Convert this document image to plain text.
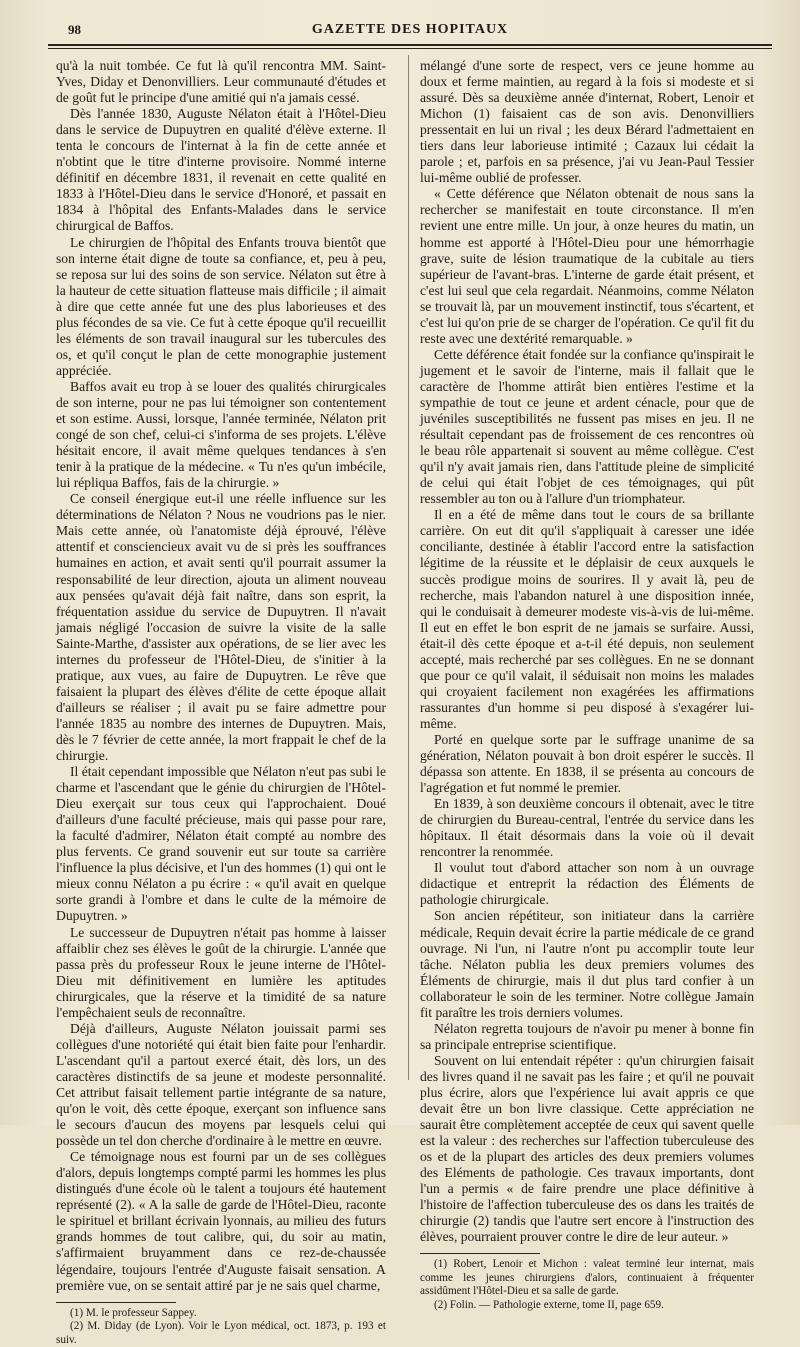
98	GAZETTE DES HOPITAUX

qu'à la nuit tombée. Ce fut là qu'il rencontra MM. Saint-Yves, Diday et Denonvilliers. Leur communauté d'études et de goût fut le principe d'une amitié qui n'a jamais cessé.

Dès l'année 1830, Auguste Nélaton était à l'Hôtel-Dieu dans le service de Dupuytren en qualité d'élève externe. Il tenta le concours de l'internat à la fin de cette année et n'obtint que le titre d'interne provisoire. Nommé interne définitif en décembre 1831, il revenait en cette qualité en 1833 à l'Hôtel-Dieu dans le service d'Honoré, et passait en 1834 à l'hôpital des Enfants-Malades dans le service chirurgical de Baffos.

Le chirurgien de l'hôpital des Enfants trouva bientôt que son interne était digne de toute sa confiance, et, peu à peu, se reposa sur lui des soins de son service. Nélaton sut être à la hauteur de cette situation flatteuse mais difficile ; il aimait à dire que cette année fut une des plus laborieuses et des plus fécondes de sa vie. Ce fut à cette époque qu'il recueillit les éléments de son travail inaugural sur les tubercules des os, et qu'il conçut le plan de cette monographie justement appréciée.

Baffos avait eu trop à se louer des qualités chirurgicales de son interne, pour ne pas lui témoigner son contentement et son estime. Aussi, lorsque, l'année terminée, Nélaton prit congé de son chef, celui-ci s'informa de ses projets. L'élève hésitait encore, il avait même quelques tendances à s'en tenir à la pratique de la médecine. « Tu n'es qu'un imbécile, lui répliqua Baffos, fais de la chirurgie. »

Ce conseil énergique eut-il une réelle influence sur les déterminations de Nélaton ? Nous ne voudrions pas le nier. Mais cette année, où l'anatomiste déjà éprouvé, l'élève attentif et consciencieux avait vu de si près les souffrances humaines en action, et avait senti qu'il pourrait assumer la responsabilité de leur direction, ajouta un aliment nouveau aux pensées qu'avait déjà fait naître, dans son esprit, la fréquentation assidue du service de Dupuytren. Il n'avait jamais négligé l'occasion de suivre la visite de la salle Sainte-Marthe, d'assister aux opérations, de se lier avec les internes du professeur de l'Hôtel-Dieu, de s'initier à la pratique, aux vues, au faire de Dupuytren. Le rêve que faisaient la plupart des élèves d'élite de cette époque allait d'ailleurs se réaliser ; il avait pu se faire admettre pour l'année 1835 au nombre des internes de Dupuytren. Mais, dès le 7 février de cette année, la mort frappait le chef de la chirurgie.

Il était cependant impossible que Nélaton n'eut pas subi le charme et l'ascendant que le génie du chirurgien de l'Hôtel-Dieu exerçait sur tous ceux qui l'approchaient. Doué d'ailleurs d'une faculté précieuse, mais qui passe pour rare, la faculté d'admirer, Nélaton était compté au nombre des plus fervents. Ce grand souvenir eut sur toute sa carrière l'influence la plus décisive, et l'un des hommes (1) qui ont le mieux connu Nélaton a pu écrire : « qu'il avait en quelque sorte grandi à l'ombre et dans le culte de la mémoire de Dupuytren. »

Le successeur de Dupuytren n'était pas homme à laisser affaiblir chez ses élèves le goût de la chirurgie. L'année que passa près du professeur Roux le jeune interne de l'Hôtel-Dieu mit définitivement en lumière les aptitudes chirurgicales, que la réserve et la timidité de sa nature l'empêchaient seuls de reconnaître.

Déjà d'ailleurs, Auguste Nélaton jouissait parmi ses collègues d'une notoriété qui était bien faite pour l'enhardir. L'ascendant qu'il a partout exercé était, dès lors, un des caractères distinctifs de sa jeune et modeste personnalité. Cet attribut faisait tellement partie intégrante de sa nature, qu'on le voit, dès cette époque, exerçant son influence sans le secours d'aucun des moyens par lesquels celui qui possède un tel don cherche d'ordinaire à le mettre en œuvre.

Ce témoignage nous est fourni par un de ses collègues d'alors, depuis longtemps compté parmi les hommes les plus distingués d'une école où le talent a toujours été hautement représenté (2). « A la salle de garde de l'Hôtel-Dieu, raconte le spirituel et brillant écrivain lyonnais, au milieu des futurs grands hommes de tout calibre, qui, du soir au matin, s'affirmaient bruyamment dans ce rez-de-chaussée légendaire, toujours l'entrée d'Auguste faisait sensation. A première vue, on se sentait attiré par je ne sais quel charme,

(1) M. le professeur Sappey.

(2) M. Diday (de Lyon). Voir le Lyon médical, oct. 1873, p. 193 et suiv.

mélangé d'une sorte de respect, vers ce jeune homme au doux et ferme maintien, au regard à la fois si modeste et si assuré. Dès sa deuxième année d'internat, Robert, Lenoir et Michon (1) faisaient cas de son avis. Denonvilliers pressentait en lui un rival ; les deux Bérard l'admettaient en tiers dans leur laborieuse intimité ; Cazaux lui cédait la parole ; et, parfois en sa présence, j'ai vu Jean-Paul Tessier lui-même oublié de professer.

« Cette déférence que Nélaton obtenait de nous sans la rechercher se manifestait en toute circonstance. Il m'en revient une entre mille. Un jour, à onze heures du matin, un homme est apporté à l'Hôtel-Dieu pour une hémorrhagie grave, suite de lésion traumatique de la cubitale au tiers supérieur de l'avant-bras. L'interne de garde était présent, et c'est lui seul que cela regardait. Néanmoins, comme Nélaton se trouvait là, par un mouvement instinctif, tous s'écartent, et c'est lui qu'on prie de se charger de l'opération. Ce qu'il fit du reste avec une dextérité remarquable. »

Cette déférence était fondée sur la confiance qu'inspirait le jugement et le savoir de l'interne, mais il fallait que le caractère de l'homme attirât bien entières l'estime et la sympathie de tout ce jeune et ardent cénacle, pour que de juvéniles susceptibilités ne fussent pas mises en jeu. Il ne résultait cependant pas de froissement de ces rencontres où le beau rôle appartenait si souvent au même collègue. C'est qu'il n'y avait jamais rien, dans l'attitude pleine de simplicité de celui qui était l'objet de ces témoignages, qui pût ressembler au ton ou à l'allure d'un triomphateur.

Il en a été de même dans tout le cours de sa brillante carrière. On eut dit qu'il s'appliquait à caresser une idée conciliante, destinée à établir l'accord entre la satisfaction légitime de la réussite et le déplaisir de ceux auxquels le succès prodigue moins de sourires. Il y avait là, peu de recherche, mais l'abandon naturel à une disposition innée, qui le conduisait à demeurer modeste vis-à-vis de lui-même. Il eut en effet le bon esprit de ne jamais se surfaire. Aussi, était-il dès cette époque et a-t-il été depuis, non seulement accepté, mais recherché par ses collègues. En ne se donnant que pour ce qu'il valait, il séduisait non moins les malades qui croyaient facilement non exagérées les affirmations rassurantes d'un homme si peu disposé à s'exagérer lui-même.

Porté en quelque sorte par le suffrage unanime de sa génération, Nélaton pouvait à bon droit espérer le succès. Il dépassa son attente. En 1838, il se présenta au concours de l'agrégation et fut nommé le premier.

En 1839, à son deuxième concours il obtenait, avec le titre de chirurgien du Bureau-central, l'entrée du service dans les hôpitaux. Il était désormais dans la voie où il devait rencontrer la renommée.

Il voulut tout d'abord attacher son nom à un ouvrage didactique et entreprit la rédaction des Éléments de pathologie chirurgicale.

Son ancien répétiteur, son initiateur dans la carrière médicale, Requin devait écrire la partie médicale de ce grand ouvrage. Ni l'un, ni l'autre n'ont pu accomplir toute leur tâche. Nélaton publia les deux premiers volumes des Éléments de chirurgie, mais il dut plus tard confier à un collaborateur le soin de les terminer. Notre collègue Jamain fit paraître les trois derniers volumes.

Nélaton regretta toujours de n'avoir pu mener à bonne fin sa principale entreprise scientifique.

Souvent on lui entendait répéter : qu'un chirurgien faisait des livres quand il ne savait pas les faire ; et qu'il ne pouvait plus écrire, alors que l'expérience lui avait appris ce que devait être un bon livre classique. Cette appréciation ne saurait être complètement acceptée de ceux qui savent quelle est la valeur : des recherches sur l'affection tuberculeuse des os et de la plupart des articles des deux premiers volumes des Eléments de pathologie. Ces travaux importants, dont l'un a permis « de faire prendre une place définitive à l'histoire de l'affection tuberculeuse des os dans les traités de chirurgie (2) tandis que l'autre sert encore à l'instruction des élèves, pourraient prouver contre le dire de leur auteur. »

(1) Robert, Lenoir et Michon : valeat terminé leur internat, mais comme les jeunes chirurgiens d'alors, continuaient à fréquenter assidûment l'Hôtel-Dieu et sa salle de garde.

(2) Folin. — Pathologie externe, tome II, page 659.
